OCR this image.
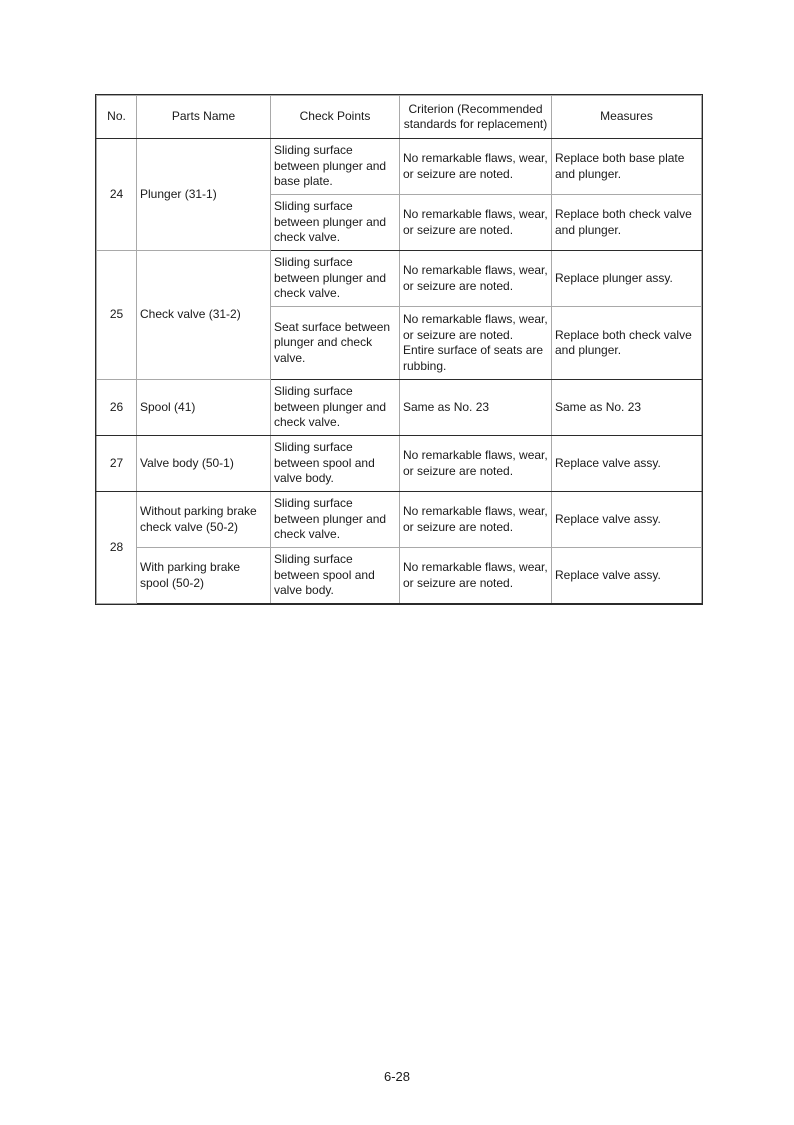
No.	Parts Name	Check Points	Criterion (Recommended
standards for replacement)	Measures
24	Plunger (31-1)	Sliding surface
between plunger and
base plate.	No remarkable flaws, wear,
or seizure are noted.	Replace both base plate
and plunger.
		Sliding surface
between plunger and
check valve.	No remarkable flaws, wear,
or seizure are noted.	Replace both check valve
and plunger.
25	Check valve (31-2)	Sliding surface
between plunger and
check valve.	No remarkable flaws, wear,
or seizure are noted.	Replace plunger assy.
		Seat surface between
plunger and check
valve.	No remarkable flaws, wear,
or seizure are noted.
Entire surface of seats are
rubbing.	Replace both check valve
and plunger.
26	Spool (41)	Sliding surface
between plunger and
check valve.	Same as No. 23	Same as No. 23
27	Valve body (50-1)	Sliding surface
between spool and
valve body.	No remarkable flaws, wear,
or seizure are noted.	Replace valve assy.
28	Without parking brake
check valve (50-2)	Sliding surface
between plunger and
check valve.	No remarkable flaws, wear,
or seizure are noted.	Replace valve assy.
	With parking brake
spool (50-2)	Sliding surface
between spool and
valve body.	No remarkable flaws, wear,
or seizure are noted.	Replace valve assy.
6-28
